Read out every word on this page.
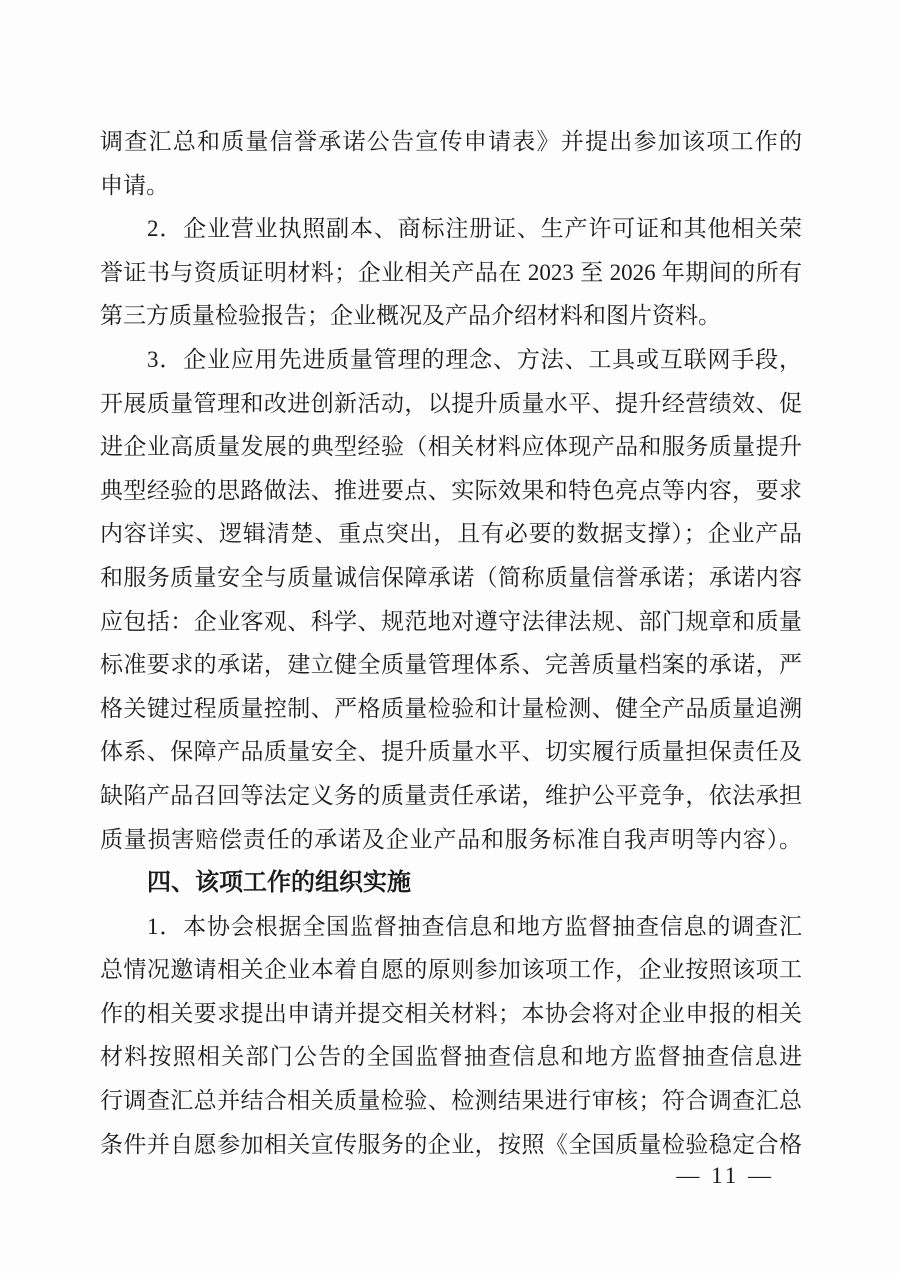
调查汇总和质量信誉承诺公告宣传申请表》并提出参加该项工作的
申请。
2．企业营业执照副本、商标注册证、生产许可证和其他相关荣
誉证书与资质证明材料；企业相关产品在 2023 至 2026 年期间的所有
第三方质量检验报告；企业概况及产品介绍材料和图片资料。
3．企业应用先进质量管理的理念、方法、工具或互联网手段，
开展质量管理和改进创新活动，以提升质量水平、提升经营绩效、促
进企业高质量发展的典型经验（相关材料应体现产品和服务质量提升
典型经验的思路做法、推进要点、实际效果和特色亮点等内容，要求
内容详实、逻辑清楚、重点突出，且有必要的数据支撑）；企业产品
和服务质量安全与质量诚信保障承诺（简称质量信誉承诺；承诺内容
应包括：企业客观、科学、规范地对遵守法律法规、部门规章和质量
标准要求的承诺，建立健全质量管理体系、完善质量档案的承诺，严
格关键过程质量控制、严格质量检验和计量检测、健全产品质量追溯
体系、保障产品质量安全、提升质量水平、切实履行质量担保责任及
缺陷产品召回等法定义务的质量责任承诺，维护公平竞争，依法承担
质量损害赔偿责任的承诺及企业产品和服务标准自我声明等内容）。
四、该项工作的组织实施
1．本协会根据全国监督抽查信息和地方监督抽查信息的调查汇
总情况邀请相关企业本着自愿的原则参加该项工作，企业按照该项工
作的相关要求提出申请并提交相关材料；本协会将对企业申报的相关
材料按照相关部门公告的全国监督抽查信息和地方监督抽查信息进
行调查汇总并结合相关质量检验、检测结果进行审核；符合调查汇总
条件并自愿参加相关宣传服务的企业，按照《全国质量检验稳定合格
— 11 —
